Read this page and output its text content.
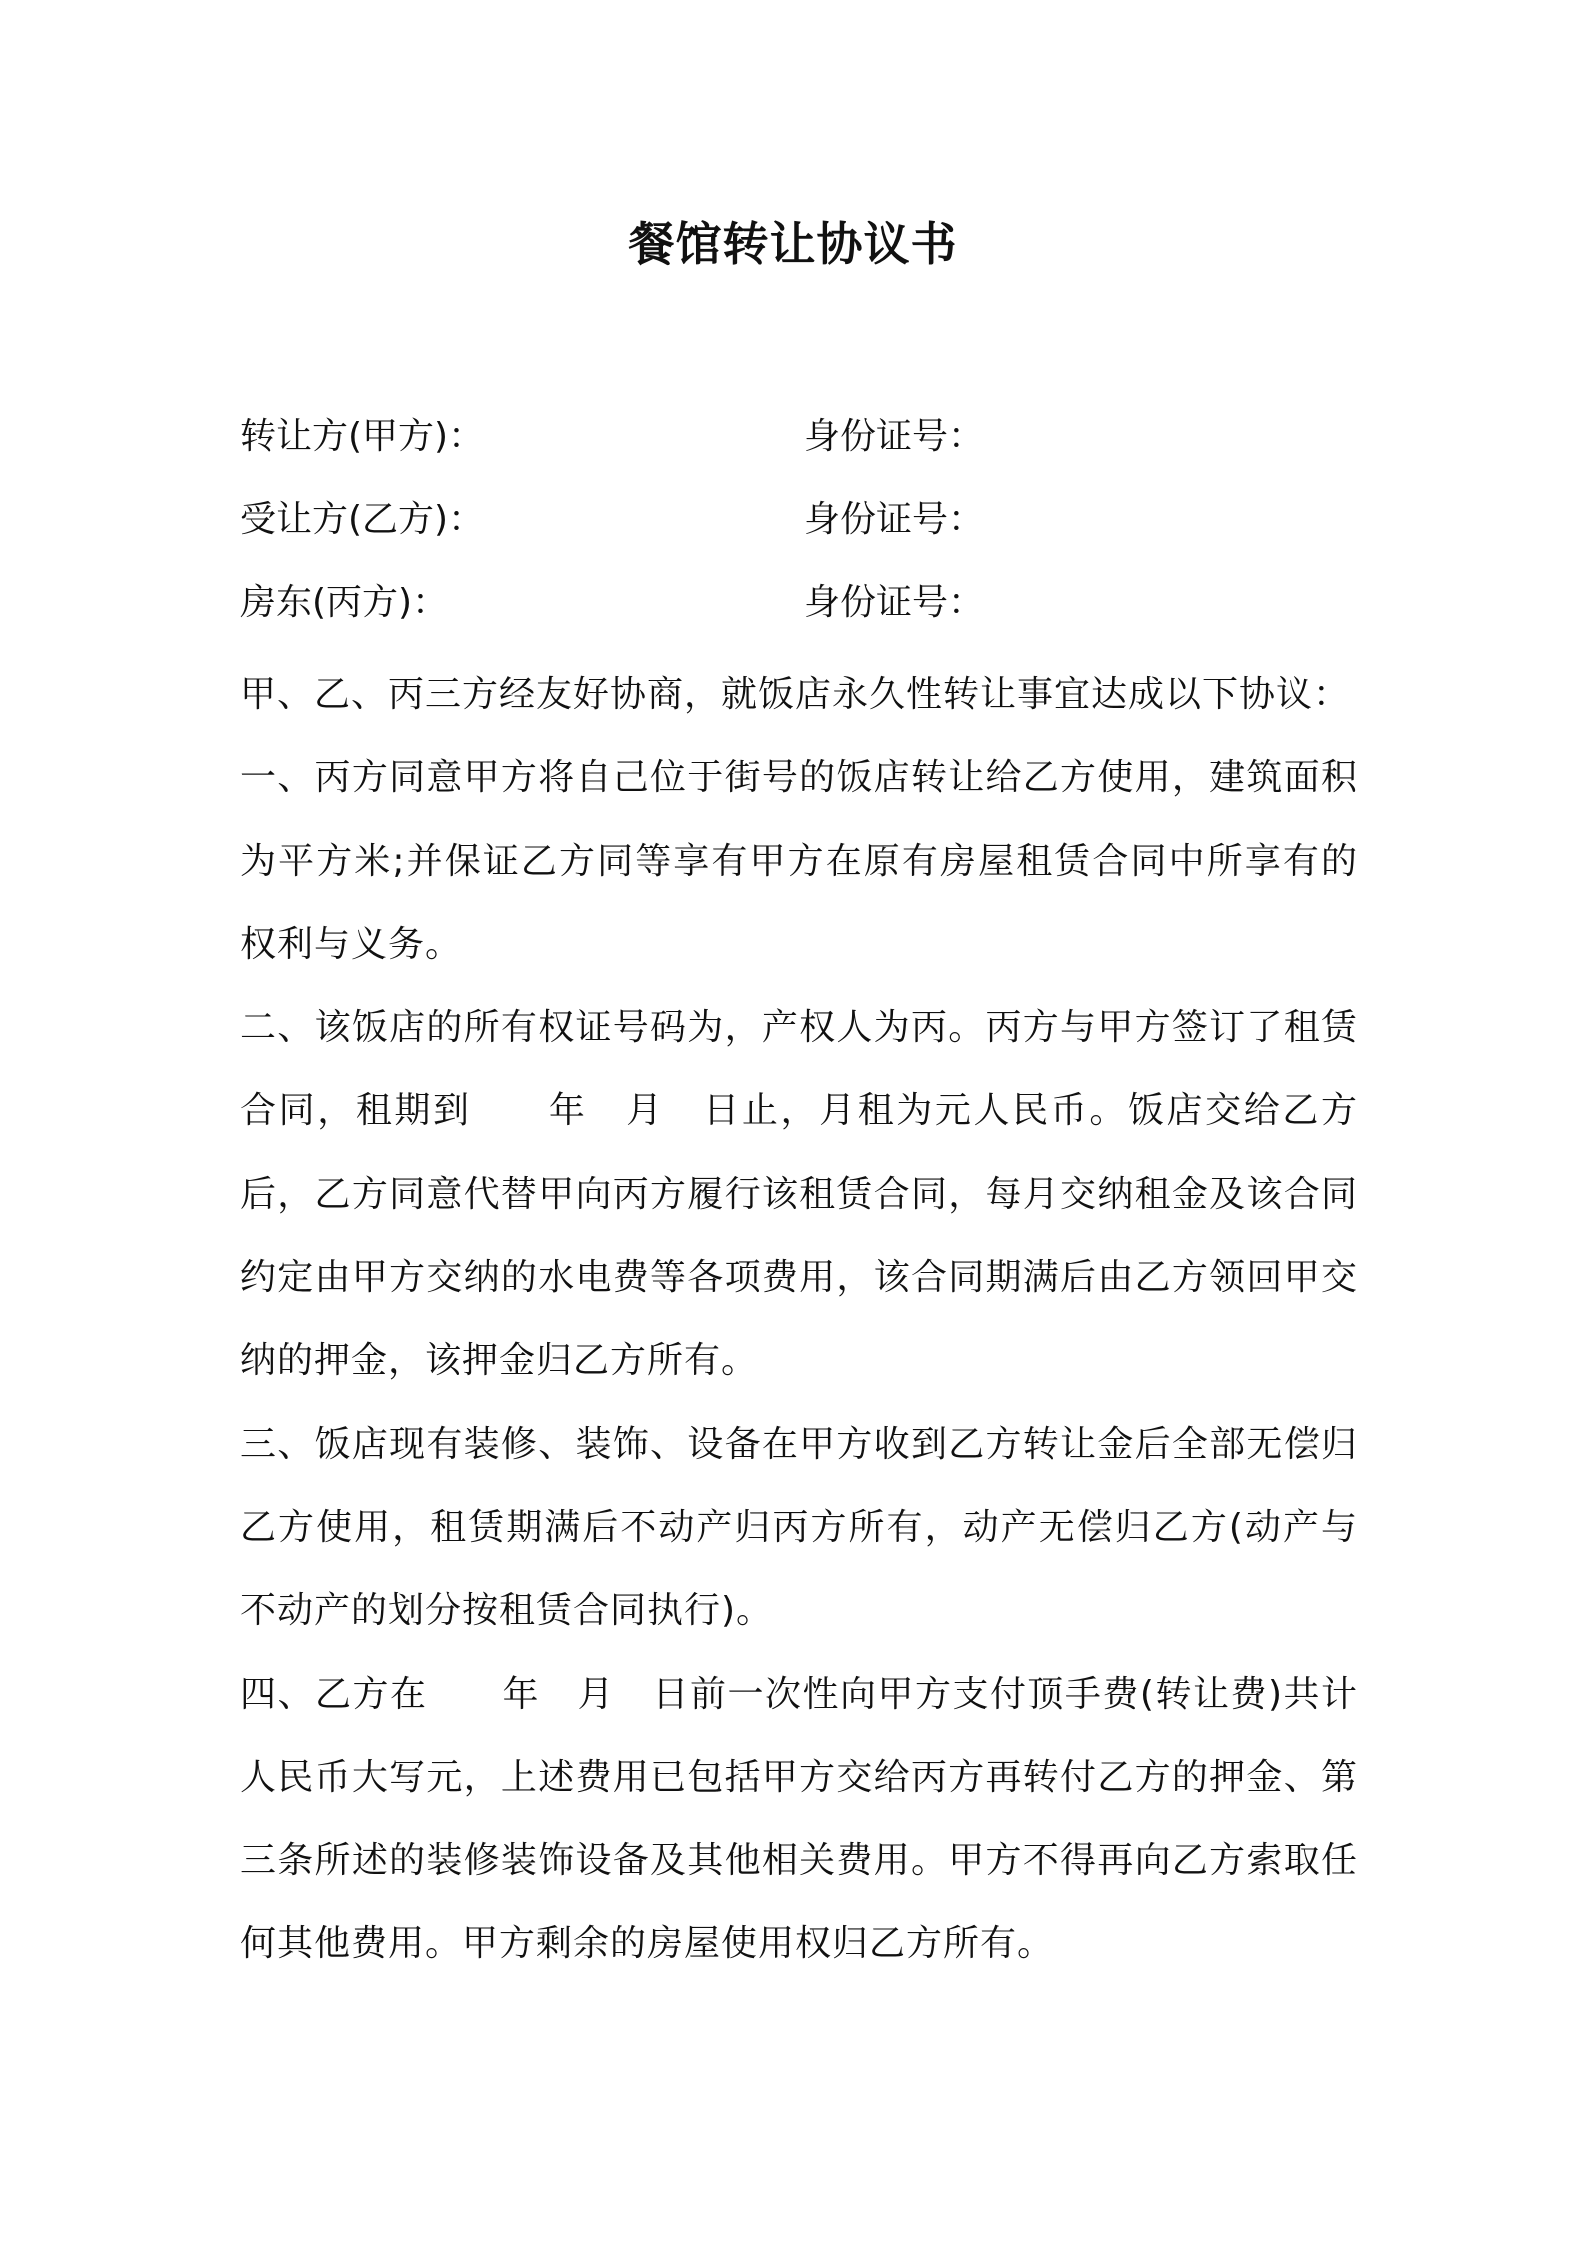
餐馆转让协议书
转让方(甲方)：	身份证号：
受让方(乙方)：	身份证号：
房东(丙方)：	身份证号：

甲、乙、丙三方经友好协商，就饭店永久性转让事宜达成以下协议：

一、丙方同意甲方将自己位于街号的饭店转让给乙方使用，建筑面积为平方米;并保证乙方同等享有甲方在原有房屋租赁合同中所享有的权利与义务。

二、该饭店的所有权证号码为，产权人为丙。丙方与甲方签订了租赁合同，租期到　　年　月　日止，月租为元人民币。饭店交给乙方后，乙方同意代替甲向丙方履行该租赁合同，每月交纳租金及该合同约定由甲方交纳的水电费等各项费用，该合同期满后由乙方领回甲交纳的押金，该押金归乙方所有。

三、饭店现有装修、装饰、设备在甲方收到乙方转让金后全部无偿归乙方使用，租赁期满后不动产归丙方所有，动产无偿归乙方(动产与不动产的划分按租赁合同执行)。

四、乙方在　　年　月　日前一次性向甲方支付顶手费(转让费)共计人民币大写元，上述费用已包括甲方交给丙方再转付乙方的押金、第三条所述的装修装饰设备及其他相关费用。甲方不得再向乙方索取任何其他费用。甲方剩余的房屋使用权归乙方所有。
